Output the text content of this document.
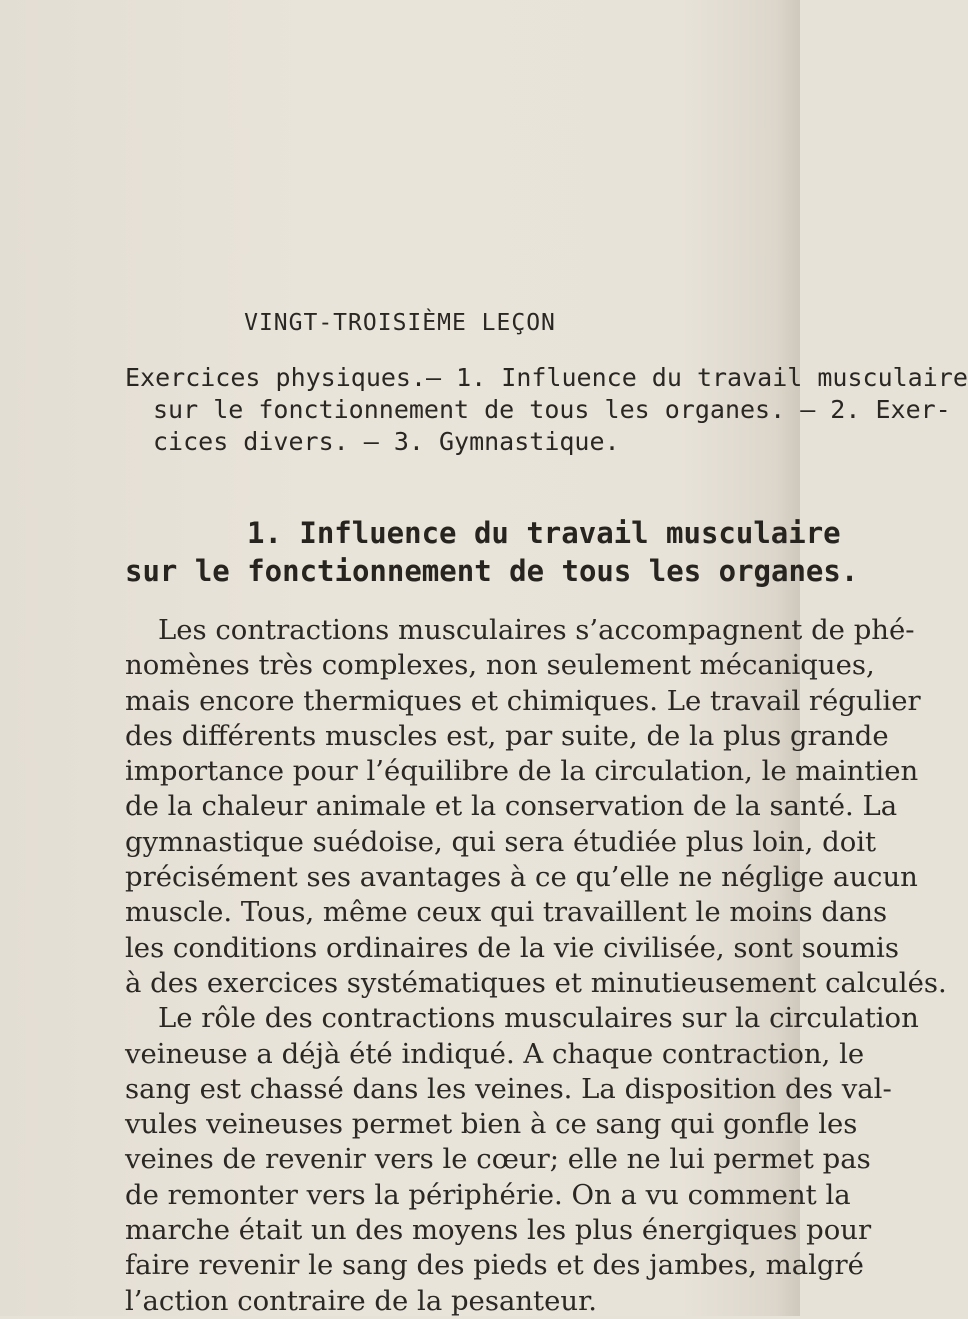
VINGT-TROISIÈME LEÇON
Exercices physiques.— 1. Influence du travail musculaire
sur le fonctionnement de tous les organes. — 2. Exer-
cices divers. — 3. Gymnastique.
1. Influence du travail musculaire
sur le fonctionnement de tous les organes.
Les contractions musculaires s’accompagnent de phé-
nomènes très complexes, non seulement mécaniques,
mais encore thermiques et chimiques. Le travail régulier
des différents muscles est, par suite, de la plus grande
importance pour l’équilibre de la circulation, le maintien
de la chaleur animale et la conservation de la santé. La
gymnastique suédoise, qui sera étudiée plus loin, doit
précisément ses avantages à ce qu’elle ne néglige aucun
muscle. Tous, même ceux qui travaillent le moins dans
les conditions ordinaires de la vie civilisée, sont soumis
à des exercices systématiques et minutieusement calculés.
Le rôle des contractions musculaires sur la circulation
veineuse a déjà été indiqué. A chaque contraction, le
sang est chassé dans les veines. La disposition des val-
vules veineuses permet bien à ce sang qui gonfle les
veines de revenir vers le cœur; elle ne lui permet pas
de remonter vers la périphérie. On a vu comment la
marche était un des moyens les plus énergiques pour
faire revenir le sang des pieds et des jambes, malgré
l’action contraire de la pesanteur.
